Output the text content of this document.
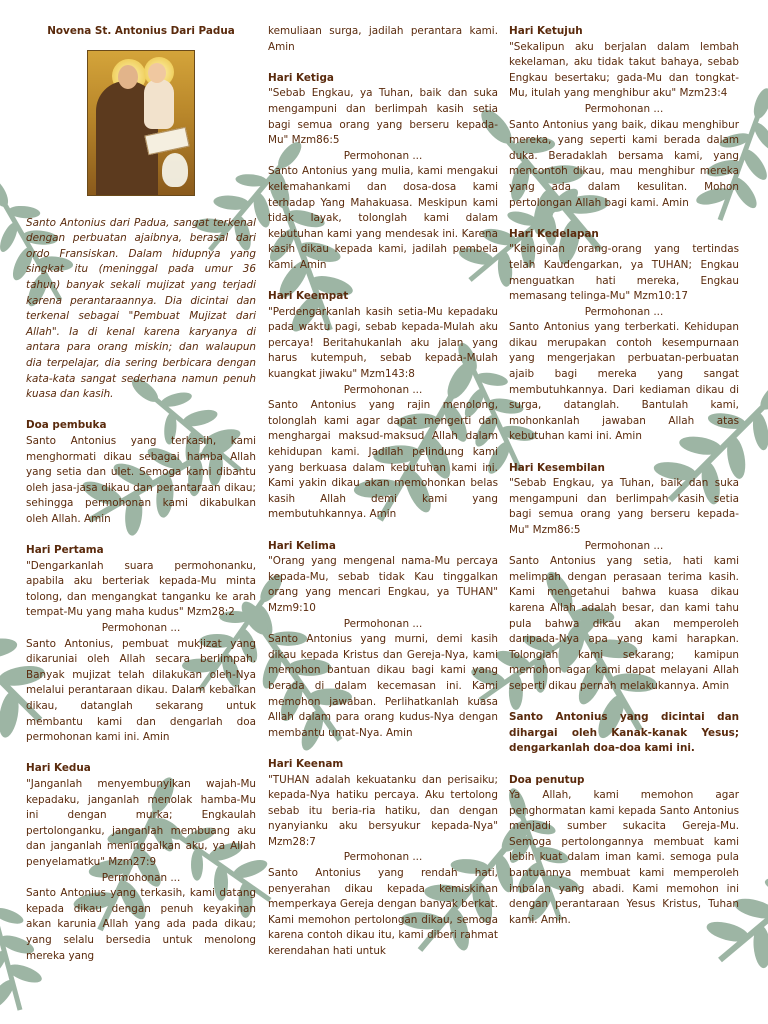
Novena St. Antonius Dari Padua

Santo Antonius dari Padua, sangat terkenal dengan perbuatan ajaibnya, berasal dari ordo Fransiskan. Dalam hidupnya yang singkat itu (meninggal pada umur 36 tahun) banyak sekali mujizat yang terjadi karena perantaraannya. Dia dicintai dan terkenal sebagai "Pembuat Mujizat dari Allah". Ia di kenal karena karyanya di antara para orang miskin; dan walaupun dia terpelajar, dia sering berbicara dengan kata-kata sangat sederhana namun penuh kuasa dan kasih.

Doa pembuka

Santo Antonius yang terkasih, kami menghormati dikau sebagai hamba Allah yang setia dan ulet. Semoga kami dibantu oleh jasa-jasa dikau dan perantaraan dikau; sehingga permohonan kami dikabulkan oleh Allah. Amin

Hari Pertama

"Dengarkanlah suara permohonanku, apabila aku berteriak kepada-Mu minta tolong, dan mengangkat tanganku ke arah tempat-Mu yang maha kudus" Mzm28:2

Permohonan ...

Santo Antonius, pembuat mukjizat yang dikaruniai oleh Allah secara berlimpah. Banyak mujizat telah dilakukan oleh-Nya melalui perantaraan dikau. Dalam kebaikan dikau, datanglah sekarang untuk membantu kami dan dengarlah doa permohonan kami ini. Amin

Hari Kedua

"Janganlah menyembunyikan wajah-Mu kepadaku, janganlah menolak hamba-Mu ini dengan murka; Engkaulah pertolonganku, janganlah membuang aku dan janganlah meninggalkan aku, ya Allah penyelamatku" Mzm27:9

Permohonan ...

Santo Antonius yang terkasih, kami datang kepada dikau dengan penuh keyakinan akan karunia Allah yang ada pada dikau; yang selalu bersedia untuk menolong mereka yang

kemuliaan surga, jadilah perantara kami. Amin

Hari Ketiga

"Sebab Engkau, ya Tuhan, baik dan suka mengampuni dan berlimpah kasih setia bagi semua orang yang berseru kepada-Mu" Mzm86:5

Permohonan ...

Santo Antonius yang mulia, kami mengakui kelemahankami dan dosa-dosa kami terhadap Yang Mahakuasa. Meskipun kami tidak layak, tolonglah kami dalam kebutuhan kami yang mendesak ini. Karena kasih dikau kepada kami, jadilah pembela kami. Amin

Hari Keempat

"Perdengarkanlah kasih setia-Mu kepadaku pada waktu pagi, sebab kepada-Mulah aku percaya! Beritahukanlah aku jalan yang harus kutempuh, sebab kepada-Mulah kuangkat jiwaku" Mzm143:8

Permohonan ...

Santo Antonius yang rajin menolong, tolonglah kami agar dapat mengerti dan menghargai maksud-maksud Allah dalam kehidupan kami. Jadilah pelindung kami yang berkuasa dalam kebutuhan kami ini. Kami yakin dikau akan memohonkan belas kasih Allah demi kami yang membutuhkannya. Amin

Hari Kelima

"Orang yang mengenal nama-Mu percaya kepada-Mu, sebab tidak Kau tinggalkan orang yang mencari Engkau, ya TUHAN" Mzm9:10

Permohonan ...

Santo Antonius yang murni, demi kasih dikau kepada Kristus dan Gereja-Nya, kami memohon bantuan dikau bagi kami yang berada di dalam kecemasan ini. Kami memohon jawaban. Perlihatkanlah kuasa Allah dalam para orang kudus-Nya dengan membantu umat-Nya. Amin

Hari Keenam

"TUHAN adalah kekuatanku dan perisaiku; kepada-Nya hatiku percaya. Aku tertolong sebab itu beria-ria hatiku, dan dengan nyanyianku aku bersyukur kepada-Nya" Mzm28:7

Permohonan ...

Santo Antonius yang rendah hati, penyerahan dikau kepada kemiskinan memperkaya Gereja dengan banyak berkat. Kami memohon pertolongan dikau, semoga karena contoh dikau itu, kami diberi rahmat kerendahan hati untuk

Hari Ketujuh

"Sekalipun aku berjalan dalam lembah kekelaman, aku tidak takut bahaya, sebab Engkau besertaku; gada-Mu dan tongkat-Mu, itulah yang menghibur aku" Mzm23:4

Permohonan ...

Santo Antonius yang baik, dikau menghibur mereka, yang seperti kami berada dalam duka. Beradaklah bersama kami, yang mencontoh dikau, mau menghibur mereka yang ada dalam kesulitan. Mohon pertolongan Allah bagi kami. Amin

Hari Kedelapan

"Keinginan orang-orang yang tertindas telah Kaudengarkan, ya TUHAN; Engkau menguatkan hati mereka, Engkau memasang telinga-Mu" Mzm10:17

Permohonan ...

Santo Antonius yang terberkati. Kehidupan dikau merupakan contoh kesempurnaan yang mengerjakan perbuatan-perbuatan ajaib bagi mereka yang sangat membutuhkannya. Dari kediaman dikau di surga, datanglah. Bantulah kami, mohonkanlah jawaban Allah atas kebutuhan kami ini. Amin

Hari Kesembilan

"Sebab Engkau, ya Tuhan, baik dan suka mengampuni dan berlimpah kasih setia bagi semua orang yang berseru kepada-Mu" Mzm86:5

Permohonan ...

Santo Antonius yang setia, hati kami melimpah dengan perasaan terima kasih. Kami mengetahui bahwa kuasa dikau karena Allah adalah besar, dan kami tahu pula bahwa dikau akan memperoleh daripada-Nya apa yang kami harapkan. Tolonglah kami sekarang; kamipun memohon agar kami dapat melayani Allah seperti dikau pernah melakukannya. Amin

Santo Antonius yang dicintai dan dihargai oleh Kanak-kanak Yesus; dengarkanlah doa-doa kami ini.

Doa penutup

Ya Allah, kami memohon agar penghormatan kami kepada Santo Antonius menjadi sumber sukacita Gereja-Mu. Semoga pertolongannya membuat kami lebih kuat dalam iman kami. semoga pula bantuannya membuat kami memperoleh imbalan yang abadi. Kami memohon ini dengan perantaraan Yesus Kristus, Tuhan kami. Amin.
